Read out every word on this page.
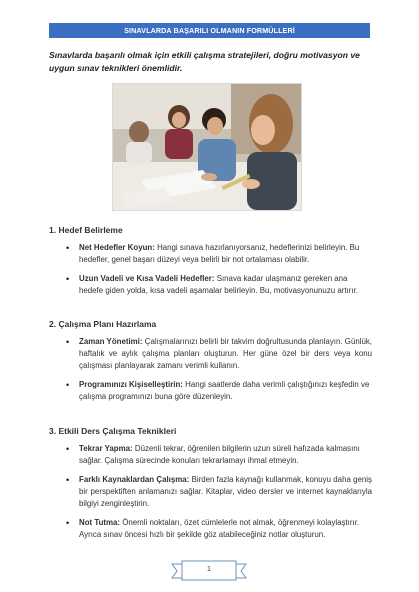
SINAVLARDA BAŞARILI OLMANIN FORMÜLLERİ
Sınavlarda başarılı olmak için etkili çalışma stratejileri, doğru motivasyon ve uygun sınav teknikleri önemlidir.
1. Hedef Belirleme
• Net Hedefler Koyun: Hangi sınava hazırlanıyorsanız, hedeflerinizi belirleyin. Bu hedefler, genel başarı düzeyi veya belirli bir not ortalaması olabilir.
• Uzun Vadeli ve Kısa Vadeli Hedefler: Sınava kadar ulaşmanız gereken ana hedefe giden yolda, kısa vadeli aşamalar belirleyin. Bu, motivasyonunuzu artırır.
2. Çalışma Planı Hazırlama
• Zaman Yönetimi: Çalışmalarınızı belirli bir takvim doğrultusunda planlayın. Günlük, haftalık ve aylık çalışma planları oluşturun. Her güne özel bir ders veya konu çalışması planlayarak zamanı verimli kullanın.
• Programınızı Kişiselleştirin: Hangi saatlerde daha verimli çalıştığınızı keşfedin ve çalışma programınızı buna göre düzenleyin.
3. Etkili Ders Çalışma Teknikleri
• Tekrar Yapma: Düzenli tekrar, öğrenilen bilgilerin uzun süreli hafızada kalmasını sağlar. Çalışma sürecinde konuları tekrarlamayı ihmal etmeyin.
• Farklı Kaynaklardan Çalışma: Birden fazla kaynağı kullanmak, konuyu daha geniş bir perspektiften anlamanızı sağlar. Kitaplar, video dersler ve internet kaynaklarıyla bilgiyi zenginleştirin.
• Not Tutma: Önemli noktaları, özet cümlelerle not almak, öğrenmeyi kolaylaştırır. Ayrıca sınav öncesi hızlı bir şekilde göz atabileceğiniz notlar oluşturun.
1
